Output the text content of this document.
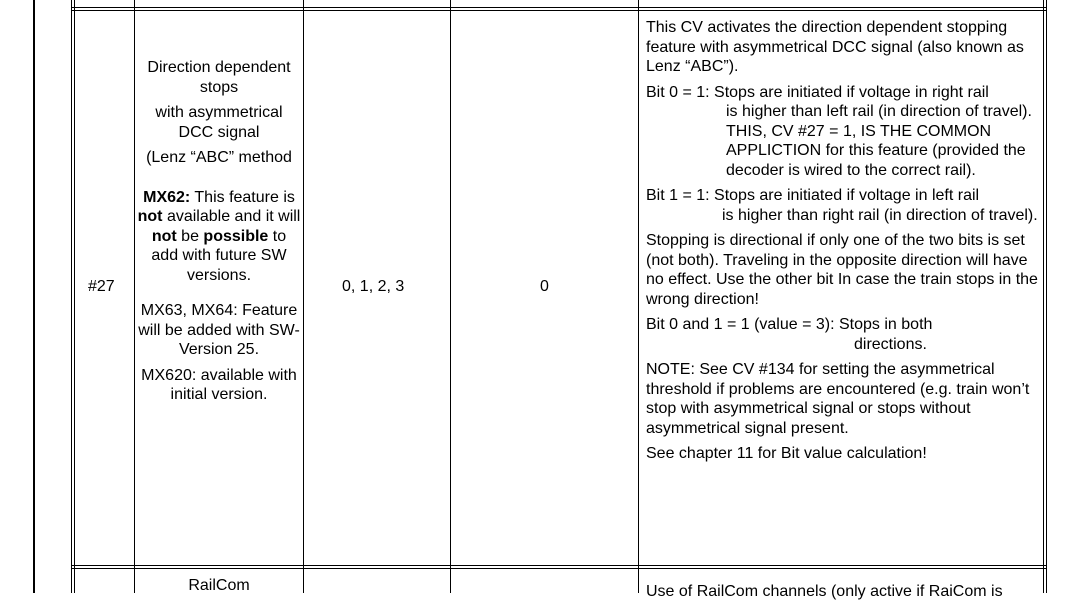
#27

Direction dependent stops

with asymmetrical DCC signal

(Lenz “ABC” method

MX62: This feature is not available and it will not be possible to add with future SW versions.

MX63, MX64: Feature will be added with SW-Version 25.

MX620: available with initial version.

0, 1, 2, 3	0

This CV activates the direction dependent stopping feature with asymmetrical DCC signal (also known as Lenz “ABC”).

Bit 0 = 1: Stops are initiated if voltage in right rail

is higher than left rail (in direction of travel). THIS, CV #27 = 1, IS THE COMMON APPLICTION for this feature (provided the decoder is wired to the correct rail).

Bit 1 = 1: Stops are initiated if voltage in left rail

is higher than right rail (in direction of travel).

Stopping is directional if only one of the two bits is set (not both). Traveling in the opposite direction will have no effect. Use the other bit In case the train stops in the wrong direction!

Bit 0 and 1 = 1 (value = 3): Stops in both

directions.

NOTE: See CV #134 for setting the asymmetrical threshold if problems are encountered (e.g. train won’t stop with asymmetrical signal or stops without asymmetrical signal present.

See chapter 11 for Bit value calculation!

RailCom	Use of RailCom channels (only active if RaiCom is
